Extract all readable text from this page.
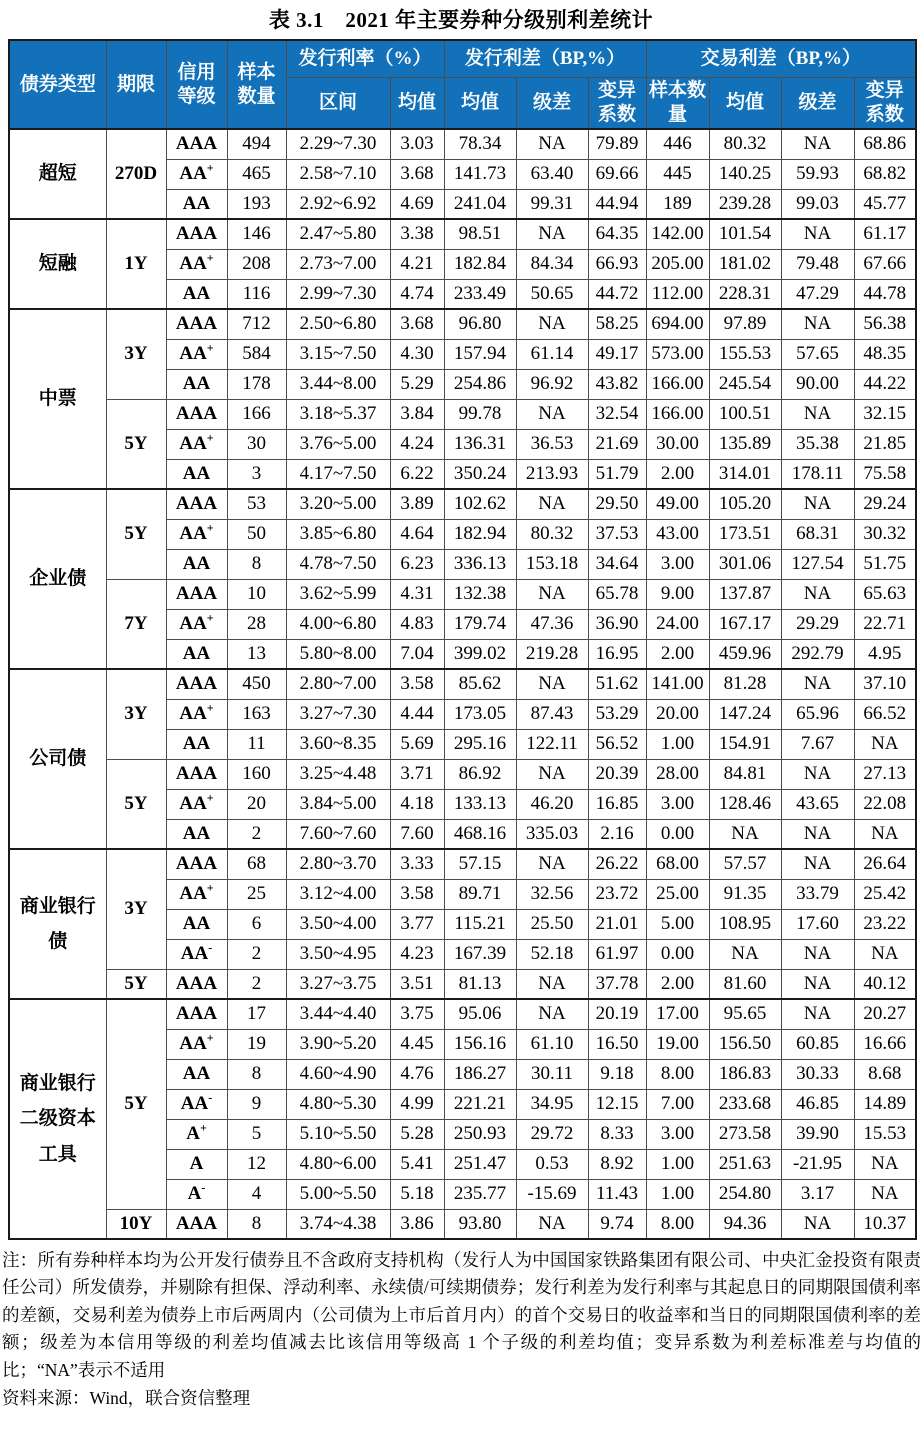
表 3.1　2021 年主要券种分级别利差统计
债券类型	期限	信用等级	样本数量	发行利率（%）		发行利差（BP,%）			交易利差（BP,%）			
				区间	均值	均值	级差	变异系数	样本数量	均值	级差	变异系数
超短	270D	AAA	494	2.29~7.30	3.03	78.34	NA	79.89	446	80.32	NA	68.86
		AA+	465	2.58~7.10	3.68	141.73	63.40	69.66	445	140.25	59.93	68.82
		AA	193	2.92~6.92	4.69	241.04	99.31	44.94	189	239.28	99.03	45.77
短融	1Y	AAA	146	2.47~5.80	3.38	98.51	NA	64.35	142.00	101.54	NA	61.17
		AA+	208	2.73~7.00	4.21	182.84	84.34	66.93	205.00	181.02	79.48	67.66
		AA	116	2.99~7.30	4.74	233.49	50.65	44.72	112.00	228.31	47.29	44.78
中票	3Y	AAA	712	2.50~6.80	3.68	96.80	NA	58.25	694.00	97.89	NA	56.38
		AA+	584	3.15~7.50	4.30	157.94	61.14	49.17	573.00	155.53	57.65	48.35
		AA	178	3.44~8.00	5.29	254.86	96.92	43.82	166.00	245.54	90.00	44.22
	5Y	AAA	166	3.18~5.37	3.84	99.78	NA	32.54	166.00	100.51	NA	32.15
		AA+	30	3.76~5.00	4.24	136.31	36.53	21.69	30.00	135.89	35.38	21.85
		AA	3	4.17~7.50	6.22	350.24	213.93	51.79	2.00	314.01	178.11	75.58
企业债	5Y	AAA	53	3.20~5.00	3.89	102.62	NA	29.50	49.00	105.20	NA	29.24
		AA+	50	3.85~6.80	4.64	182.94	80.32	37.53	43.00	173.51	68.31	30.32
		AA	8	4.78~7.50	6.23	336.13	153.18	34.64	3.00	301.06	127.54	51.75
	7Y	AAA	10	3.62~5.99	4.31	132.38	NA	65.78	9.00	137.87	NA	65.63
		AA+	28	4.00~6.80	4.83	179.74	47.36	36.90	24.00	167.17	29.29	22.71
		AA	13	5.80~8.00	7.04	399.02	219.28	16.95	2.00	459.96	292.79	4.95
公司债	3Y	AAA	450	2.80~7.00	3.58	85.62	NA	51.62	141.00	81.28	NA	37.10
		AA+	163	3.27~7.30	4.44	173.05	87.43	53.29	20.00	147.24	65.96	66.52
		AA	11	3.60~8.35	5.69	295.16	122.11	56.52	1.00	154.91	7.67	NA
	5Y	AAA	160	3.25~4.48	3.71	86.92	NA	20.39	28.00	84.81	NA	27.13
		AA+	20	3.84~5.00	4.18	133.13	46.20	16.85	3.00	128.46	43.65	22.08
		AA	2	7.60~7.60	7.60	468.16	335.03	2.16	0.00	NA	NA	NA
商业银行债	3Y	AAA	68	2.80~3.70	3.33	57.15	NA	26.22	68.00	57.57	NA	26.64
		AA+	25	3.12~4.00	3.58	89.71	32.56	23.72	25.00	91.35	33.79	25.42
		AA	6	3.50~4.00	3.77	115.21	25.50	21.01	5.00	108.95	17.60	23.22
		AA-	2	3.50~4.95	4.23	167.39	52.18	61.97	0.00	NA	NA	NA
	5Y	AAA	2	3.27~3.75	3.51	81.13	NA	37.78	2.00	81.60	NA	40.12
商业银行二级资本工具	5Y	AAA	17	3.44~4.40	3.75	95.06	NA	20.19	17.00	95.65	NA	20.27
		AA+	19	3.90~5.20	4.45	156.16	61.10	16.50	19.00	156.50	60.85	16.66
		AA	8	4.60~4.90	4.76	186.27	30.11	9.18	8.00	186.83	30.33	8.68
		AA-	9	4.80~5.30	4.99	221.21	34.95	12.15	7.00	233.68	46.85	14.89
		A+	5	5.10~5.50	5.28	250.93	29.72	8.33	3.00	273.58	39.90	15.53
		A	12	4.80~6.00	5.41	251.47	0.53	8.92	1.00	251.63	-21.95	NA
		A-	4	5.00~5.50	5.18	235.77	-15.69	11.43	1.00	254.80	3.17	NA
	10Y	AAA	8	3.74~4.38	3.86	93.80	NA	9.74	8.00	94.36	NA	10.37
注：所有券种样本均为公开发行债券且不含政府支持机构（发行人为中国国家铁路集团有限公司、中央汇金投资有限责任公司）所发债券，并剔除有担保、浮动利率、永续债/可续期债券；发行利差为发行利率与其起息日的同期限国债利率的差额，交易利差为债券上市后两周内（公司债为上市后首月内）的首个交易日的收益率和当日的同期限国债利率的差额；级差为本信用等级的利差均值减去比该信用等级高 1 个子级的利差均值；变异系数为利差标准差与均值的比；“NA”表示不适用
资料来源：Wind，联合资信整理
